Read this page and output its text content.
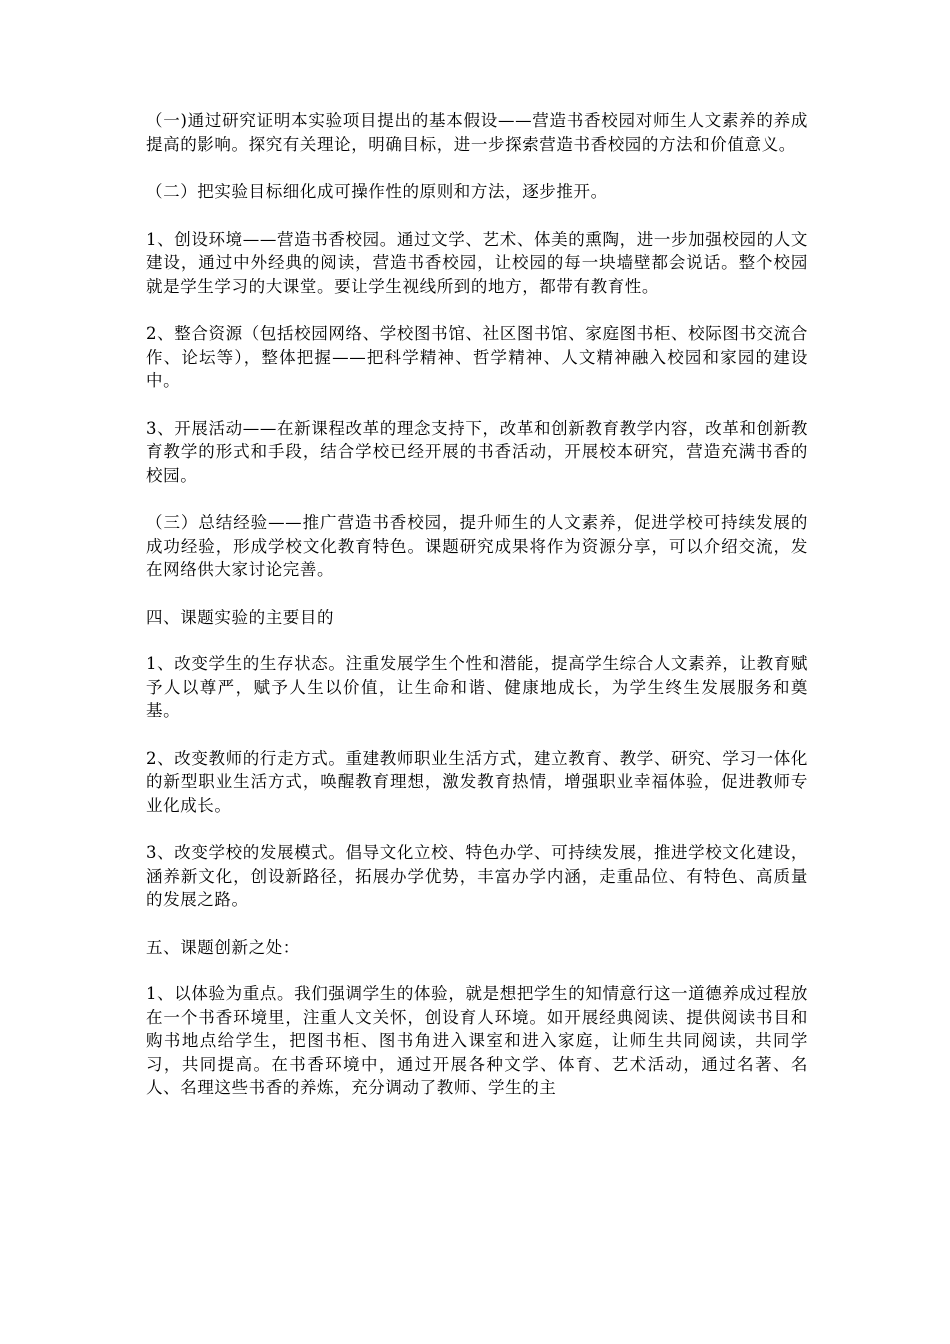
（一)通过研究证明本实验项目提出的基本假设——营造书香校园对师生人文素养的养成提高的影响。探究有关理论，明确目标，进一步探索营造书香校园的方法和价值意义。

（二）把实验目标细化成可操作性的原则和方法，逐步推开。

1、创设环境——营造书香校园。通过文学、艺术、体美的熏陶，进一步加强校园的人文建设，通过中外经典的阅读，营造书香校园，让校园的每一块墙壁都会说话。整个校园就是学生学习的大课堂。要让学生视线所到的地方，都带有教育性。

2、整合资源（包括校园网络、学校图书馆、社区图书馆、家庭图书柜、校际图书交流合作、论坛等），整体把握——把科学精神、哲学精神、人文精神融入校园和家园的建设中。

3、开展活动——在新课程改革的理念支持下，改革和创新教育教学内容，改革和创新教育教学的形式和手段，结合学校已经开展的书香活动，开展校本研究，营造充满书香的校园。

（三）总结经验——推广营造书香校园，提升师生的人文素养，促进学校可持续发展的成功经验，形成学校文化教育特色。课题研究成果将作为资源分享，可以介绍交流，发在网络供大家讨论完善。

四、课题实验的主要目的

1、改变学生的生存状态。注重发展学生个性和潜能，提高学生综合人文素养，让教育赋予人以尊严，赋予人生以价值，让生命和谐、健康地成长，为学生终生发展服务和奠基。

2、改变教师的行走方式。重建教师职业生活方式，建立教育、教学、研究、学习一体化的新型职业生活方式，唤醒教育理想，激发教育热情，增强职业幸福体验，促进教师专业化成长。

3、改变学校的发展模式。倡导文化立校、特色办学、可持续发展，推进学校文化建设，涵养新文化，创设新路径，拓展办学优势，丰富办学内涵，走重品位、有特色、高质量的发展之路。

五、课题创新之处：

1、以体验为重点。我们强调学生的体验，就是想把学生的知情意行这一道德养成过程放在一个书香环境里，注重人文关怀，创设育人环境。如开展经典阅读、提供阅读书目和购书地点给学生，把图书柜、图书角进入课室和进入家庭，让师生共同阅读，共同学习，共同提高。在书香环境中，通过开展各种文学、体育、艺术活动，通过名著、名人、名理这些书香的养炼，充分调动了教师、学生的主
